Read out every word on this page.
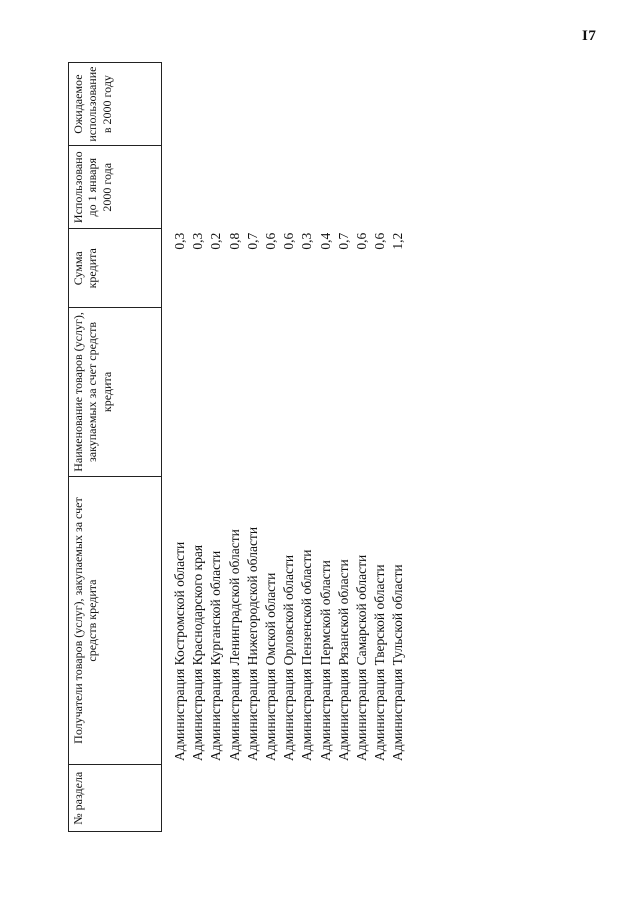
I7
№ раздела	Получатели товаров (услуг), закупаемых за счет средств кредита	Наименование товаров (услуг), закупаемых за счет средств кредита	Сумма кредита	Использовано до 1 января 2000 года	Ожидаемое использование в 2000 году
	Администрация Костромской области		0,3		
	Администрация Краснодарского края		0,3		
	Администрация Курганской области		0,2		
	Администрация Ленинградской области		0,8		
	Администрация Нижегородской области		0,7		
	Администрация Омской области		0,6		
	Администрация Орловской области		0,6		
	Администрация Пензенской области		0,3		
	Администрация Пермской области		0,4		
	Администрация Рязанской области		0,7		
	Администрация Самарской области		0,6		
	Администрация Тверской области		0,6		
	Администрация Тульской области		1,2		
